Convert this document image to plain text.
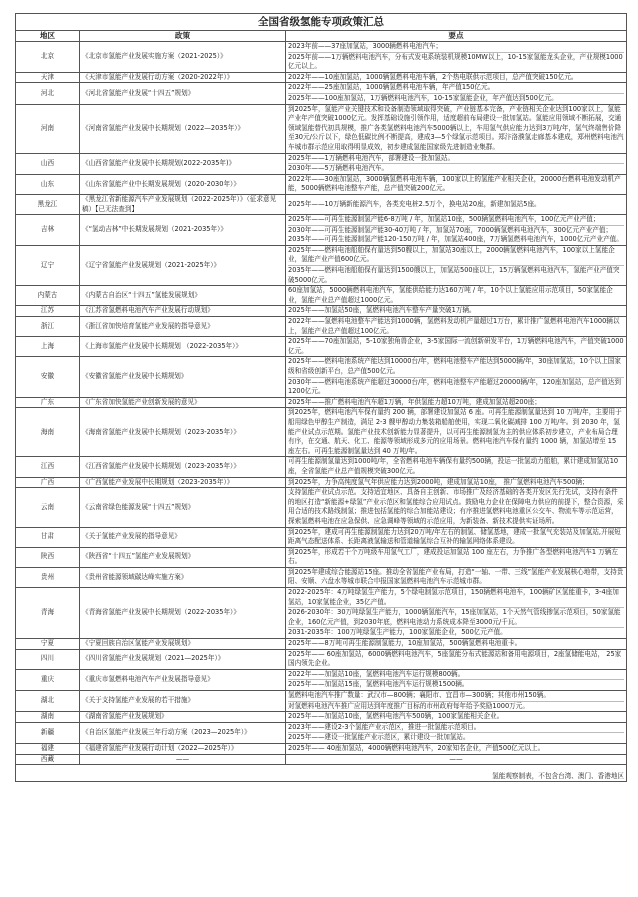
全国省级氢能专项政策汇总		
地区	政策	要点
北京	《北京市氢能产业发展实施方案（2021-2025）》	2023年前——37座加氢站，3000辆燃料电池汽车；
2025年前——1万辆燃料电池汽车，分布式发电系统装机规模10MW以上，10-15家氢能龙头企业，产业规模1000亿元以上。

天津	《天津市氢能产业发展行动方案（2020-2022年）》	2022年——10座加氢站，1000辆氢燃料电池车辆，2个热电联供示范项目，总产值突破150亿元。

河北	《河北省氢能产业发展“十四五”规划》	2022年——25座加氢站，1000辆氢燃料电池车辆，年产值150亿元。
2025年——100座加氢站，1万辆燃料电池汽车，10-15家氢能企业，年产值达到500亿元。

河南	《河南省氢能产业发展中长期规划（2022—2035年）》	到2025年，氢能产业关键技术和设备制造领域取得突破，产业链基本完备，产业链相关企业达到100家以上，氢能产业年产值突破1000亿元。发挥基础设施引领作用，适度超前布局建设一批加氢站。氢能应用领域不断拓展，交通领域氢能替代初具规模，推广各类氢燃料电池汽车5000辆以上，车用氢气供应能力达到3万吨/年，氢气终端售价降至30元/公斤以下，绿色低碳比例不断提高，建成3—5个绿氢示范项目。郑汴洛濮氢走廊基本建成，郑州燃料电池汽车城市群示范应用取得明显成效，初步建成氢能国家级先进制造业集群。

山西	《山西省氢能产业发展中长期规划(2022-2035年)》	2025年——1万辆燃料电池汽车，部署建设一批加氢站。
2030年——5万辆燃料电池汽车。

山东	《山东省氢能产业中长期发展规划（2020-2030年）》	2022年——30座加氢站，3000辆氢燃料电池车辆，100家以上的氢能产业相关企业，20000台燃料电池发动机产能，5000辆燃料电池整车产能，总产值突破200亿元。

黑龙江	《黑龙江省新能源汽车产业发展规划（2022-2025年）》（征求意见稿）【已无法查到】	2025年——10万辆新能源汽车，各类充电桩2.5万个，换电站20座，新建加氢站5座。

吉林	《“氢动吉林”中长期发展规划（2021-2035年）》	2025年——可再生能源制氢产能6-8万吨 / 年，加氢站10座，500辆氢燃料电池汽车，100亿元产业产值；
2030年——可再生能源制氢产能30-40万吨 / 年，加氢站70座，7000辆氢燃料电池汽车，300亿元产业产值；2035年——可再生能源制氢产能120-150万吨 / 年，加氢站400座，7万辆氢燃料电池汽车，1000亿元产业产值。

辽宁	《辽宁省氢能产业发展规划（2021-2025年）》	2025年——燃料电池船舶保有量达到50艘以上，加氢站30座以上，2000辆氢燃料电池汽车，100家以上氢能企业，氢能产业产值600亿元。
2035年——燃料电池船舶保有量达到1500艘以上，加氢站500座以上，15万辆氢燃料电池汽车，氢能产业产值突破5000亿元。

内蒙古	《内蒙古自治区“十四五”氢能发展规划》	60座加氢站，5000辆燃料电池汽车，氢能供给能力达160万吨 / 年，10个以上氢能应用示范项目，50家氢能企业，氢能产业总产值超过1000亿元。

江苏	《江苏省氢燃料电池汽车产业发展行动规划》	2025年——加氢站50座，氢燃料电池汽车整车产量突破1万辆。

浙江	《浙江省加快培育氢能产业发展的指导意见》	2022年——氢燃料电池整车产能达到1000辆，氢燃料发动机产量超过1万台，累计推广氢燃料电池汽车1000辆以上，氢能产业总产值超过100亿元。

上海	《上海市氢能产业发展中长期规划 （2022-2035年）》	2025年——70座加氢站，5-10家独角兽企业，3-5家国际一流创新研发平台，1万辆燃料电池汽车，产值突破1000亿元。

安徽	《安徽省氢能产业发展中长期规划》	2025年——燃料电池系统产能达到10000台/年，燃料电池整车产能达到5000辆/年，30座加氢站，10个以上国家级和省级创新平台，总产值500亿元。
2030年——燃料电池系统产能超过30000台/年，燃料电池整车产能超过20000辆/年，120座加氢站，总产值达到1200亿元。

广东	《广东省加快氢能产业创新发展的意见》	2025年——推广燃料电池汽车超1万辆，年供氢能力超10万吨，建成加氢站超200座；

海南	《海南省氢能产业发展中长期规划（2023-2035年）》	到2025年，燃料电池汽车保有量约 200 辆，部署建设加氢站 6 座。可再生能源制氢量达到 10 万吨/年，主要用于船用绿色甲醇生产制造，满足 2-3 艘甲醇动力集装箱船舶使用，实现二氧化碳减排 100 万吨/年。到 2030 年，氢能产业试点示范期。氢能产业技术创新能力显著提升，以可再生能源制氢为主的供应体系初步建立，产业布局合理有序，在交通、航天、化工、能源等领域形成多元的应用场景。燃料电池汽车保有量约 1000 辆，加氢站增至 15 座左右。可再生能源制氢量达到 40 万吨/年。

江西	《江西省氢能产业发展中长期规划（2023-2035年）》	可再生能源制氢量达到1000吨/年，全省燃料电池车辆保有量约500辆，投运一批氢动力船舶，累计建成加氢站10座，全省氢能产业总产值规模突破300亿元。

广西	《广西氢能产业发展中长期规划（2023-2035年）》	到2025年，力争高纯度氢气年供应能力达到2000吨，建成加氢站10座， 推广氢燃料电池汽车500辆；

云南	《云南省绿色能源发展“十四五”规划》	支持氢能产业试点示范。支持适宜地区、具备自主创新、市场推广及经济基础的各类开发区先行先试，支持有条件的地区打造“新能源+绿氢”产业示范区和氢能综合应用试点。鼓励电力企业在保障电力供应的前提下，整合资源，采用合适的技术路线制氢；推进包括氢能的综合加能站建设；有序推进氢燃料电池重区公交车、物流车等示范运营，探索氢燃料电池在应急保供、应急调峰等领域的示范应用，为新装备、新技术提供实证场所。

甘肃	《关于氢能产业发展的指导意见》	到2025年，建成可再生能源制氢能力达到20万吨/年左右的制氢、储氢基地，建成一批氢气充装站及加氢站,开展短距离气态配送体系、长距离液氢输送和管道输氢综合互补的输氢网络体系建设。

陕西	《陕西省“十四五”氢能产业发展规划》	到2025年，形成若干个万吨级车用氢气工厂，建成投运加氢站 100 座左右，力争推广各型燃料电池汽车1 万辆左右。

贵州	《贵州省能源领域碳达峰实施方案》	到2025年建成综合能源站15座。推动全省氢能产业布局，打造“一轴、一带、三线”氢能产业发展核心地带，支持贵阳、安顺、六盘水等城市联合申报国家氢燃料电池汽车示范城市群。

青海	《青海省氢能产业发展中长期规划（2022-2035年）》	2022-2025年：4万吨绿氢生产能力，5个绿电制氢示范项目，150辆燃料电池车，100辆矿区氢能重卡，3-4座加氢站，10家氢能企业，35亿产值。
2026-2030年：30万吨绿氢生产能力，1000辆氢能汽车，15座加氢站，1个天然气管线掺氢示范项目，50家氢能企业，160亿元产值，到2030年底，燃料电池动力系统成本降至3000元/千瓦。
2031-2035年：100万吨绿氢生产能力，100家氢能企业，500亿元产值。

宁夏	《宁夏回族自治区氢能产业发展规划》	2025年——8万吨可再生能源制氢能力，10座加氢站，500辆氢燃料电池重卡。

四川	《四川省氢能产业发展规划（2021—2025年）》	2025年—— 60座加氢站，6000辆燃料电池汽车，5座氢能分布式能源站和备用电源项目，2座氢储能电站， 25家国内领先企业。

重庆	《重庆市氢燃料电池汽车产业发展指导意见》	2022年——加氢站10座，氢燃料电池汽车运行规模800辆。
2025年——加氢站15座，氢燃料电池汽车运行规模1500辆。

湖北	《关于支持氢能产业发展的若干措施》	氢燃料电池汽车推广数量：武汉市—800辆；襄阳市、宜昌市—300辆；其他市州150辆。
对氢燃料电池汽车推广应用达到年度推广目标的市州政府每年给予奖励1000万元。

湖南	《湖南省氢能产业发展规划》	2025年——加氢站10座，氢燃料电池汽车500辆，100家氢能相关企业。

新疆	《自治区氢能产业发展三年行动方案（2023—2025年）》	2023年——建设2-3个氢能产业示范区，推进一批氢能示范项目。
2025年——建设一批氢能产业示范区，累计建设一批加氢站。

福建	《福建省氢能产业发展行动计划（2022—2025年）》	2025年—— 40座加氢站，4000辆燃料电池汽车，20家知名企业，产值500亿元以上。

西藏	——	——

氢能观察制表，不包含台湾、澳门、香港地区		
